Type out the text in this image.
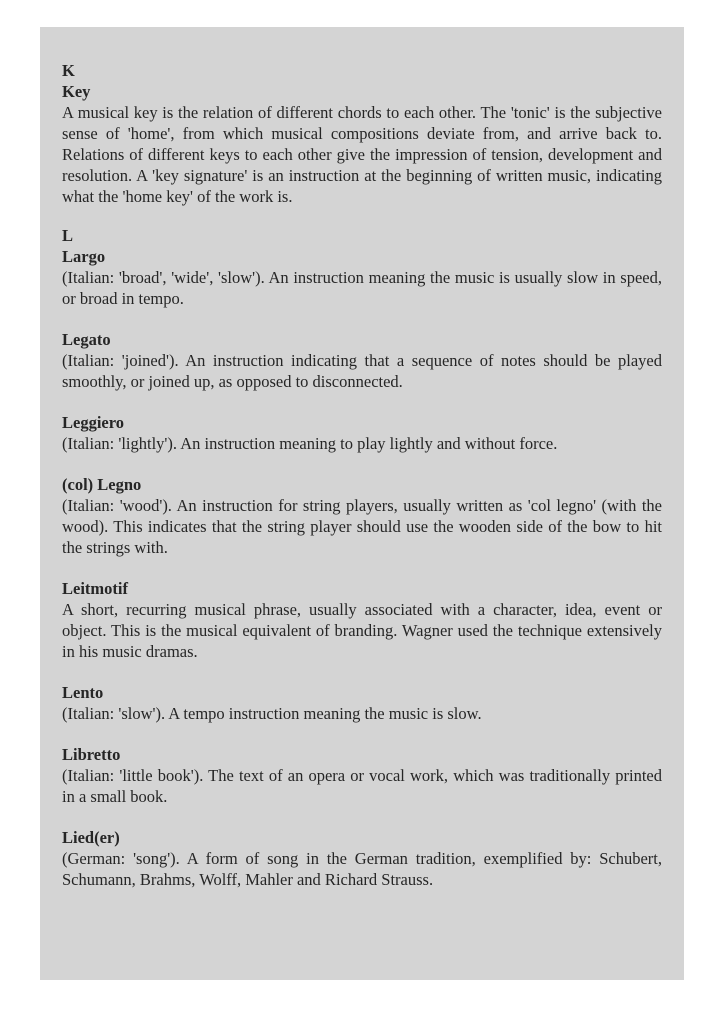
K
Key

A musical key is the relation of different chords to each other. The 'tonic' is the subjective sense of 'home', from which musical compositions deviate from, and arrive back to. Relations of different keys to each other give the impression of tension, development and resolution. A 'key signature' is an instruction at the beginning of written music, indicating what the 'home key' of the work is.

L
Largo

(Italian: 'broad', 'wide', 'slow'). An instruction meaning the music is usually slow in speed, or broad in tempo.

Legato

(Italian: 'joined'). An instruction indicating that a sequence of notes should be played smoothly, or joined up, as opposed to disconnected.

Leggiero

(Italian: 'lightly'). An instruction meaning to play lightly and without force.

(col) Legno

(Italian: 'wood'). An instruction for string players, usually written as 'col legno' (with the wood). This indicates that the string player should use the wooden side of the bow to hit the strings with.

Leitmotif

A short, recurring musical phrase, usually associated with a character, idea, event or object. This is the musical equivalent of branding. Wagner used the technique extensively in his music dramas.

Lento

(Italian: 'slow'). A tempo instruction meaning the music is slow.

Libretto

(Italian: 'little book'). The text of an opera or vocal work, which was traditionally printed in a small book.

Lied(er)

(German: 'song'). A form of song in the German tradition, exemplified by: Schubert, Schumann, Brahms, Wolff, Mahler and Richard Strauss.
